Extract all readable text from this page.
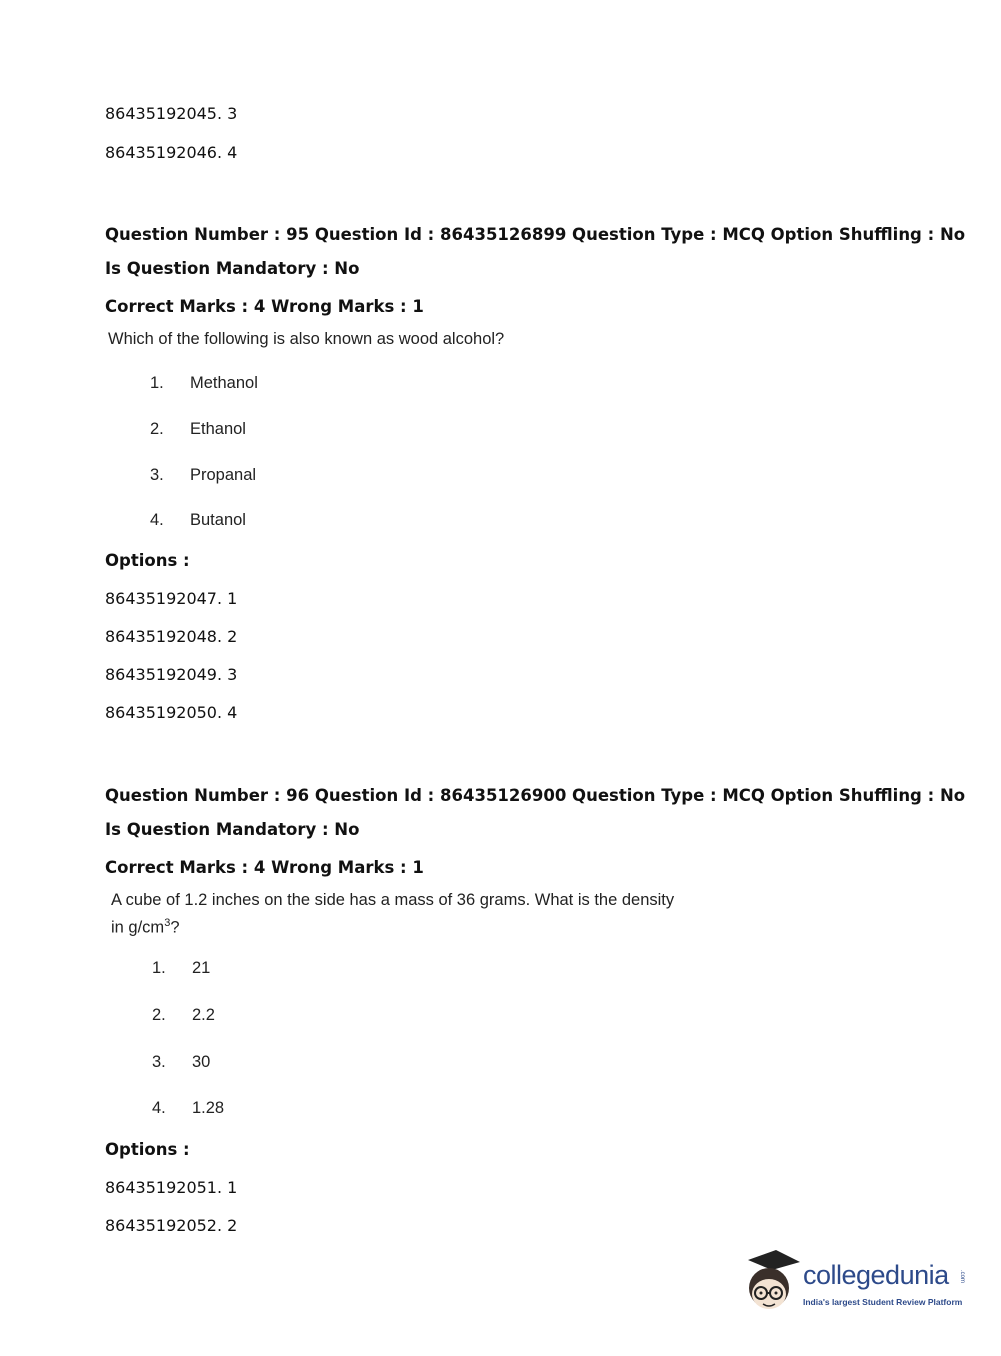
86435192045. 3
86435192046. 4
Question Number : 95 Question Id : 86435126899 Question Type : MCQ Option Shuffling : No
Is Question Mandatory : No
Correct Marks : 4 Wrong Marks : 1
Which of the following is also known as wood alcohol?
1. Methanol
2. Ethanol
3. Propanal
4. Butanol
Options :
86435192047. 1
86435192048. 2
86435192049. 3
86435192050. 4
Question Number : 96 Question Id : 86435126900 Question Type : MCQ Option Shuffling : No
Is Question Mandatory : No
Correct Marks : 4 Wrong Marks : 1
A cube of 1.2 inches on the side has a mass of 36 grams. What is the density
in $g/cm^3$?
1. 21
2. 2.2
3. 30
4. 1.28
Options :
86435192051. 1
86435192052. 2
collegedunia .com
India's largest Student Review Platform
